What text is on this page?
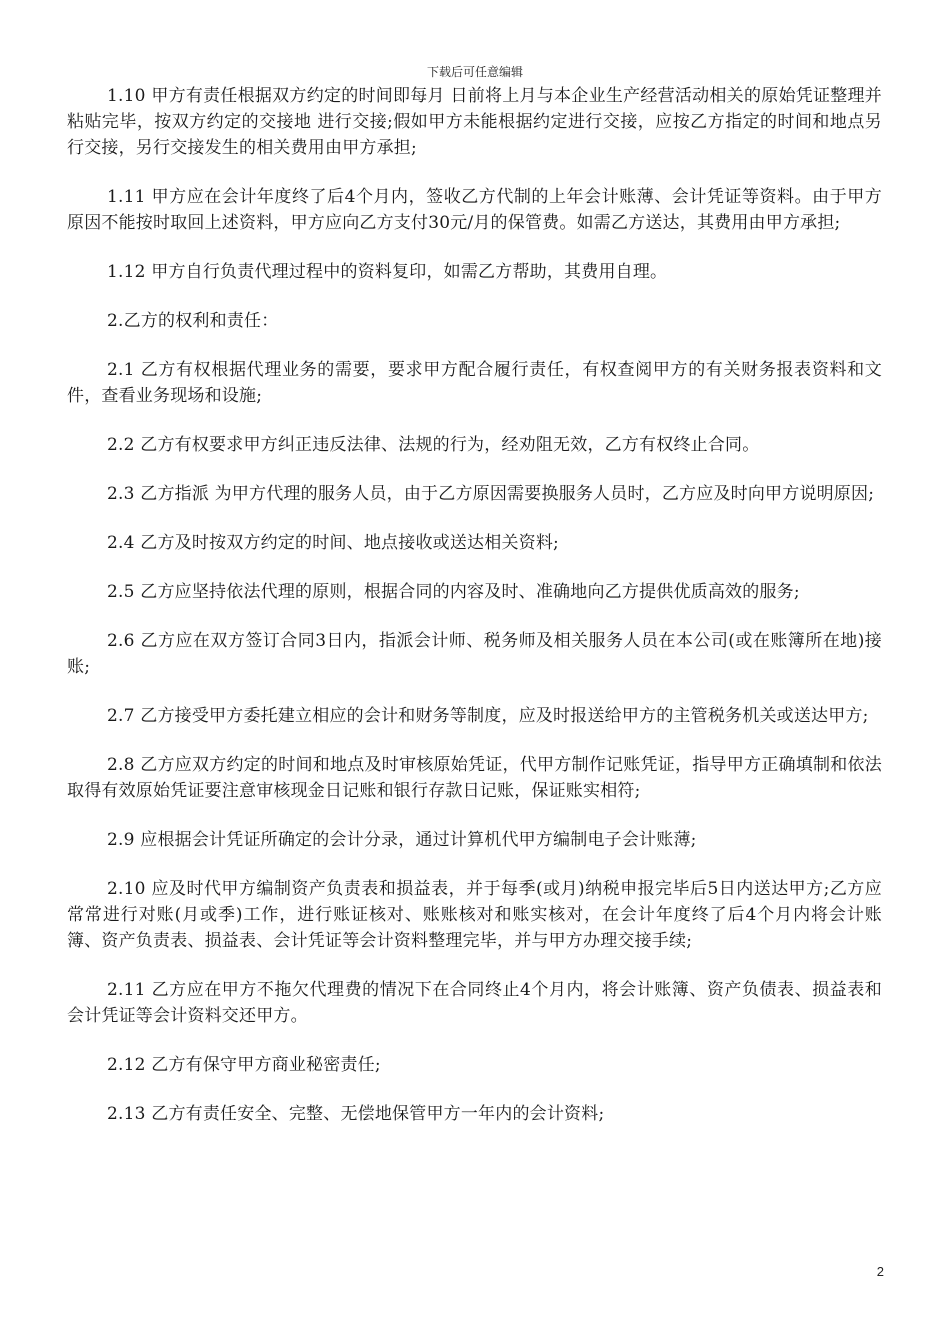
下载后可任意编辑

1.10 甲方有责任根据双方约定的时间即每月 日前将上月与本企业生产经营活动相关的原始凭证整理并粘贴完毕，按双方约定的交接地 进行交接;假如甲方未能根据约定进行交接，应按乙方指定的时间和地点另行交接，另行交接发生的相关费用由甲方承担;

1.11 甲方应在会计年度终了后4个月内，签收乙方代制的上年会计账薄、会计凭证等资料。由于甲方原因不能按时取回上述资料，甲方应向乙方支付30元/月的保管费。如需乙方送达，其费用由甲方承担;

1.12 甲方自行负责代理过程中的资料复印，如需乙方帮助，其费用自理。

2.乙方的权利和责任：

2.1 乙方有权根据代理业务的需要，要求甲方配合履行责任，有权查阅甲方的有关财务报表资料和文件，查看业务现场和设施;

2.2 乙方有权要求甲方纠正违反法律、法规的行为，经劝阻无效，乙方有权终止合同。

2.3 乙方指派 为甲方代理的服务人员，由于乙方原因需要换服务人员时，乙方应及时向甲方说明原因;

2.4 乙方及时按双方约定的时间、地点接收或送达相关资料;

2.5 乙方应坚持依法代理的原则，根据合同的内容及时、准确地向乙方提供优质高效的服务;

2.6 乙方应在双方签订合同3日内，指派会计师、税务师及相关服务人员在本公司(或在账簿所在地)接账;

2.7 乙方接受甲方委托建立相应的会计和财务等制度，应及时报送给甲方的主管税务机关或送达甲方;

2.8 乙方应双方约定的时间和地点及时审核原始凭证，代甲方制作记账凭证，指导甲方正确填制和依法取得有效原始凭证要注意审核现金日记账和银行存款日记账，保证账实相符;

2.9 应根据会计凭证所确定的会计分录，通过计算机代甲方编制电子会计账薄;

2.10 应及时代甲方编制资产负责表和损益表，并于每季(或月)纳税申报完毕后5日内送达甲方;乙方应常常进行对账(月或季)工作，进行账证核对、账账核对和账实核对，在会计年度终了后4个月内将会计账簿、资产负责表、损益表、会计凭证等会计资料整理完毕，并与甲方办理交接手续;

2.11 乙方应在甲方不拖欠代理费的情况下在合同终止4个月内，将会计账簿、资产负债表、损益表和会计凭证等会计资料交还甲方。

2.12 乙方有保守甲方商业秘密责任;

2.13 乙方有责任安全、完整、无偿地保管甲方一年内的会计资料;

2
